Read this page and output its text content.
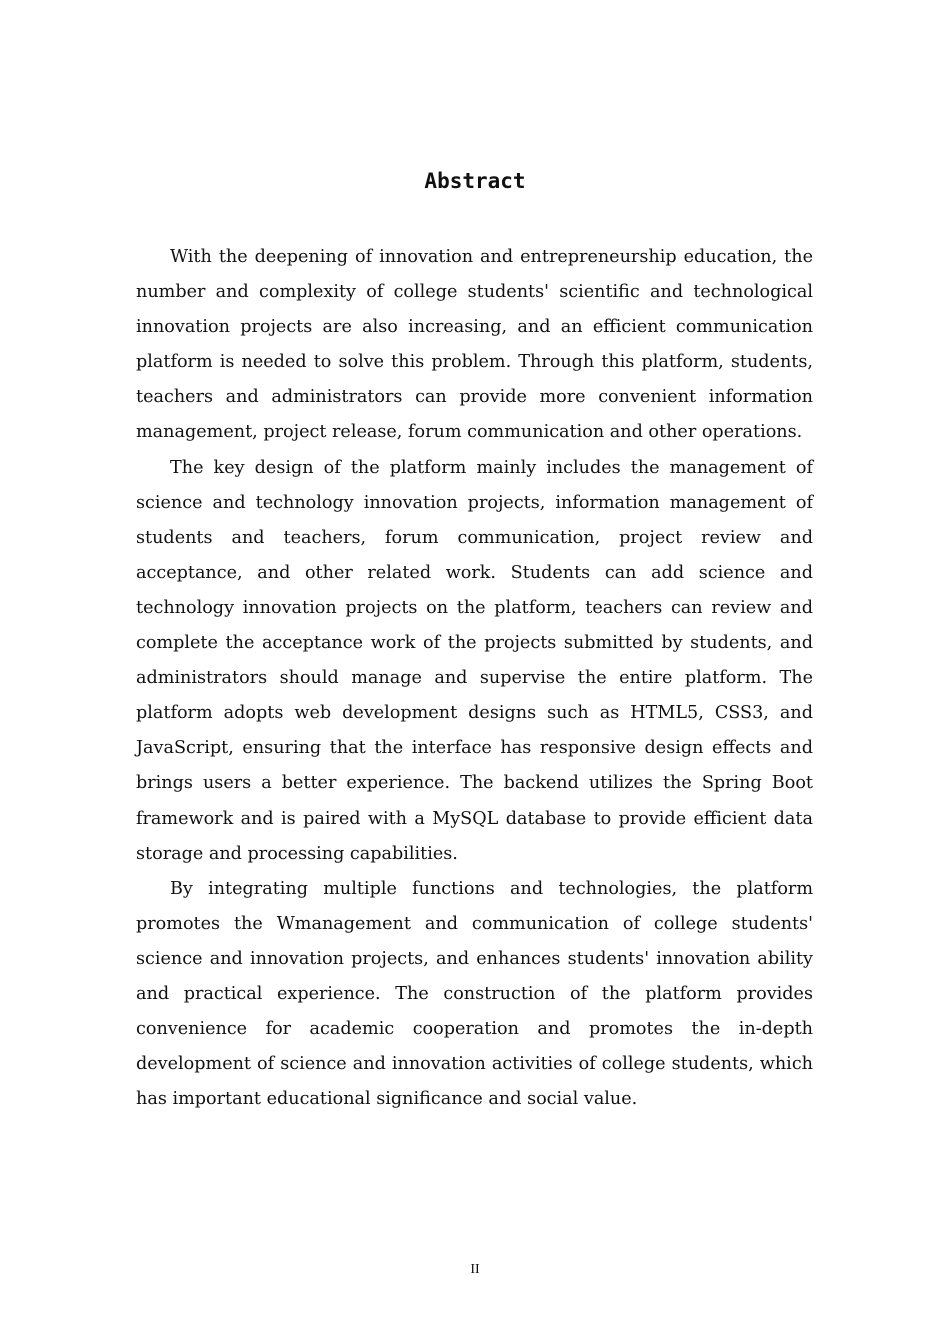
Abstract

With the deepening of innovation and entrepreneurship education, the number and complexity of college students' scientific and technological innovation projects are also increasing, and an efficient communication platform is needed to solve this problem. Through this platform, students, teachers and administrators can provide more convenient information management, project release, forum communication and other operations.

The key design of the platform mainly includes the management of science and technology innovation projects, information management of students and teachers, forum communication, project review and acceptance, and other related work. Students can add science and technology innovation projects on the platform, teachers can review and complete the acceptance work of the projects submitted by students, and administrators should manage and supervise the entire platform. The platform adopts web development designs such as HTML5, CSS3, and JavaScript, ensuring that the interface has responsive design effects and brings users a better experience. The backend utilizes the Spring Boot framework and is paired with a MySQL database to provide efficient data storage and processing capabilities.

By integrating multiple functions and technologies, the platform promotes the Wmanagement and communication of college students' science and innovation projects, and enhances students' innovation ability and practical experience. The construction of the platform provides convenience for academic cooperation and promotes the in-depth development of science and innovation activities of college students, which has important educational significance and social value.

II
